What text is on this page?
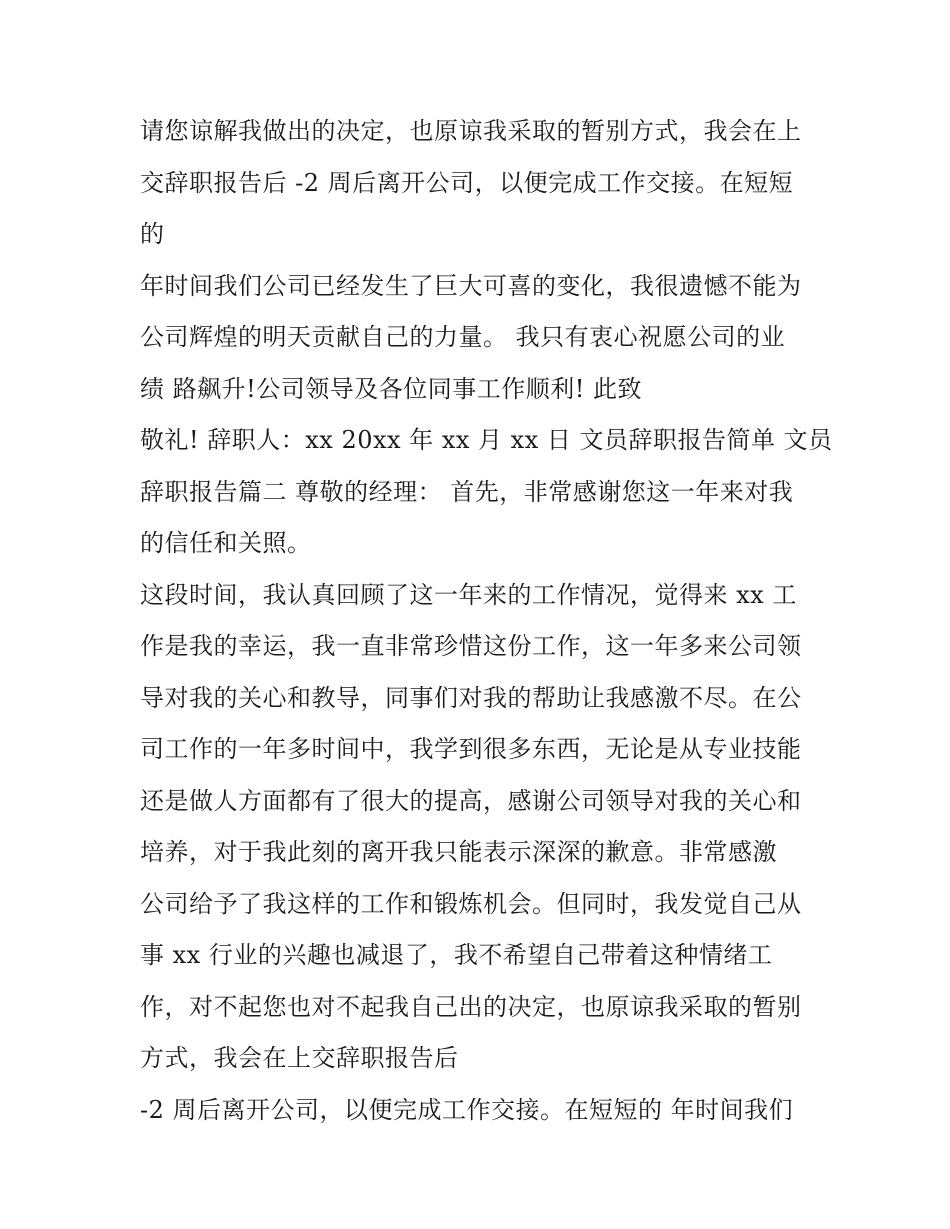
请您谅解我做出的决定，也原谅我采取的暂别方式，我会在上
交辞职报告后 -2 周后离开公司，以便完成工作交接。在短短
的
年时间我们公司已经发生了巨大可喜的变化，我很遗憾不能为
公司辉煌的明天贡献自己的力量。 我只有衷心祝愿公司的业
绩 路飙升!公司领导及各位同事工作顺利! 此致
敬礼! 辞职人：xx 20xx 年 xx 月 xx 日 文员辞职报告简单 文员
辞职报告篇二 尊敬的经理： 首先，非常感谢您这一年来对我
的信任和关照。
这段时间，我认真回顾了这一年来的工作情况，觉得来 xx 工
作是我的幸运，我一直非常珍惜这份工作，这一年多来公司领
导对我的关心和教导，同事们对我的帮助让我感激不尽。在公
司工作的一年多时间中，我学到很多东西，无论是从专业技能
还是做人方面都有了很大的提高，感谢公司领导对我的关心和
培养，对于我此刻的离开我只能表示深深的歉意。非常感激
公司给予了我这样的工作和锻炼机会。但同时，我发觉自己从
事 xx 行业的兴趣也减退了，我不希望自己带着这种情绪工
作，对不起您也对不起我自己出的决定，也原谅我采取的暂别
方式，我会在上交辞职报告后
-2 周后离开公司，以便完成工作交接。在短短的 年时间我们
